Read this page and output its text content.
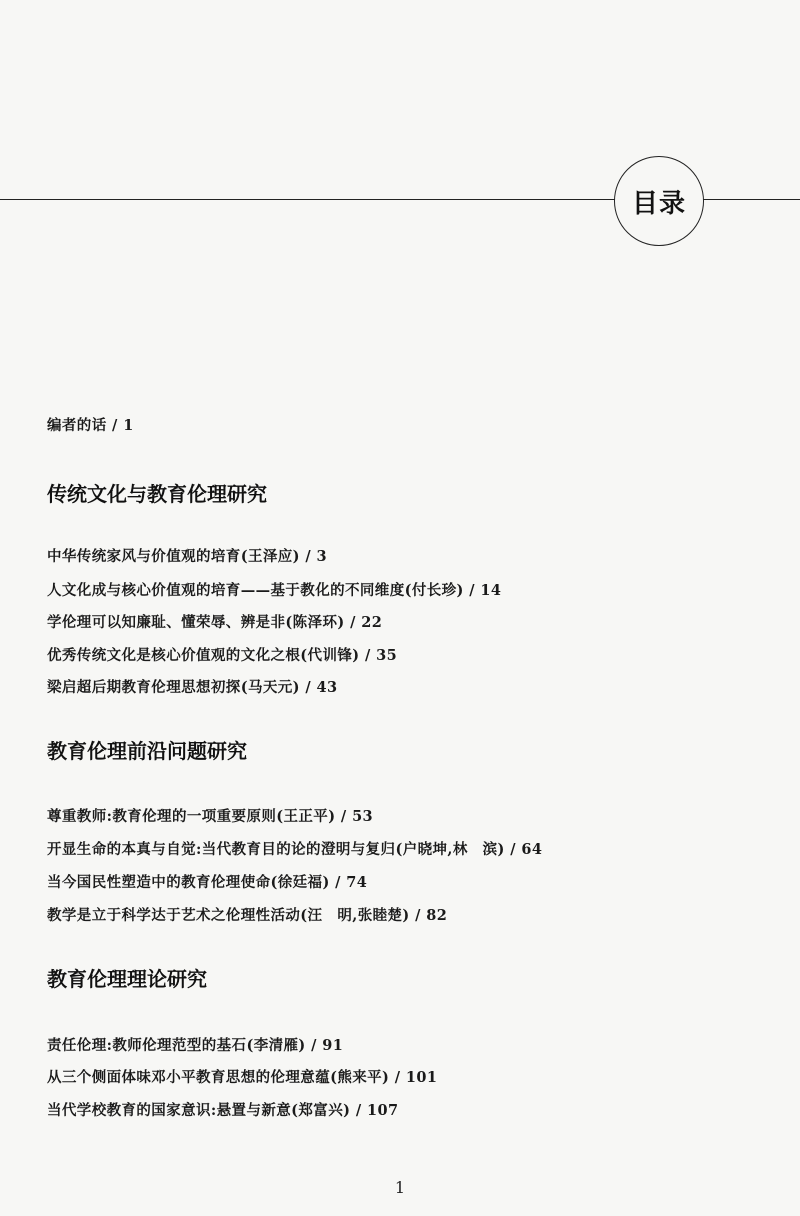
目录
编者的话 / 1
传统文化与教育伦理研究
中华传统家风与价值观的培育(王泽应) / 3
人文化成与核心价值观的培育——基于教化的不同维度(付长珍) / 14
学伦理可以知廉耻、懂荣辱、辨是非(陈泽环) / 22
优秀传统文化是核心价值观的文化之根(代训锋) / 35
梁启超后期教育伦理思想初探(马天元) / 43
教育伦理前沿问题研究
尊重教师:教育伦理的一项重要原则(王正平) / 53
开显生命的本真与自觉:当代教育目的论的澄明与复归(户晓坤,林　滨) / 64
当今国民性塑造中的教育伦理使命(徐廷福) / 74
教学是立于科学达于艺术之伦理性活动(汪　明,张睦楚) / 82
教育伦理理论研究
责任伦理:教师伦理范型的基石(李清雁) / 91
从三个侧面体味邓小平教育思想的伦理意蕴(熊来平) / 101
当代学校教育的国家意识:悬置与新意(郑富兴) / 107
1
